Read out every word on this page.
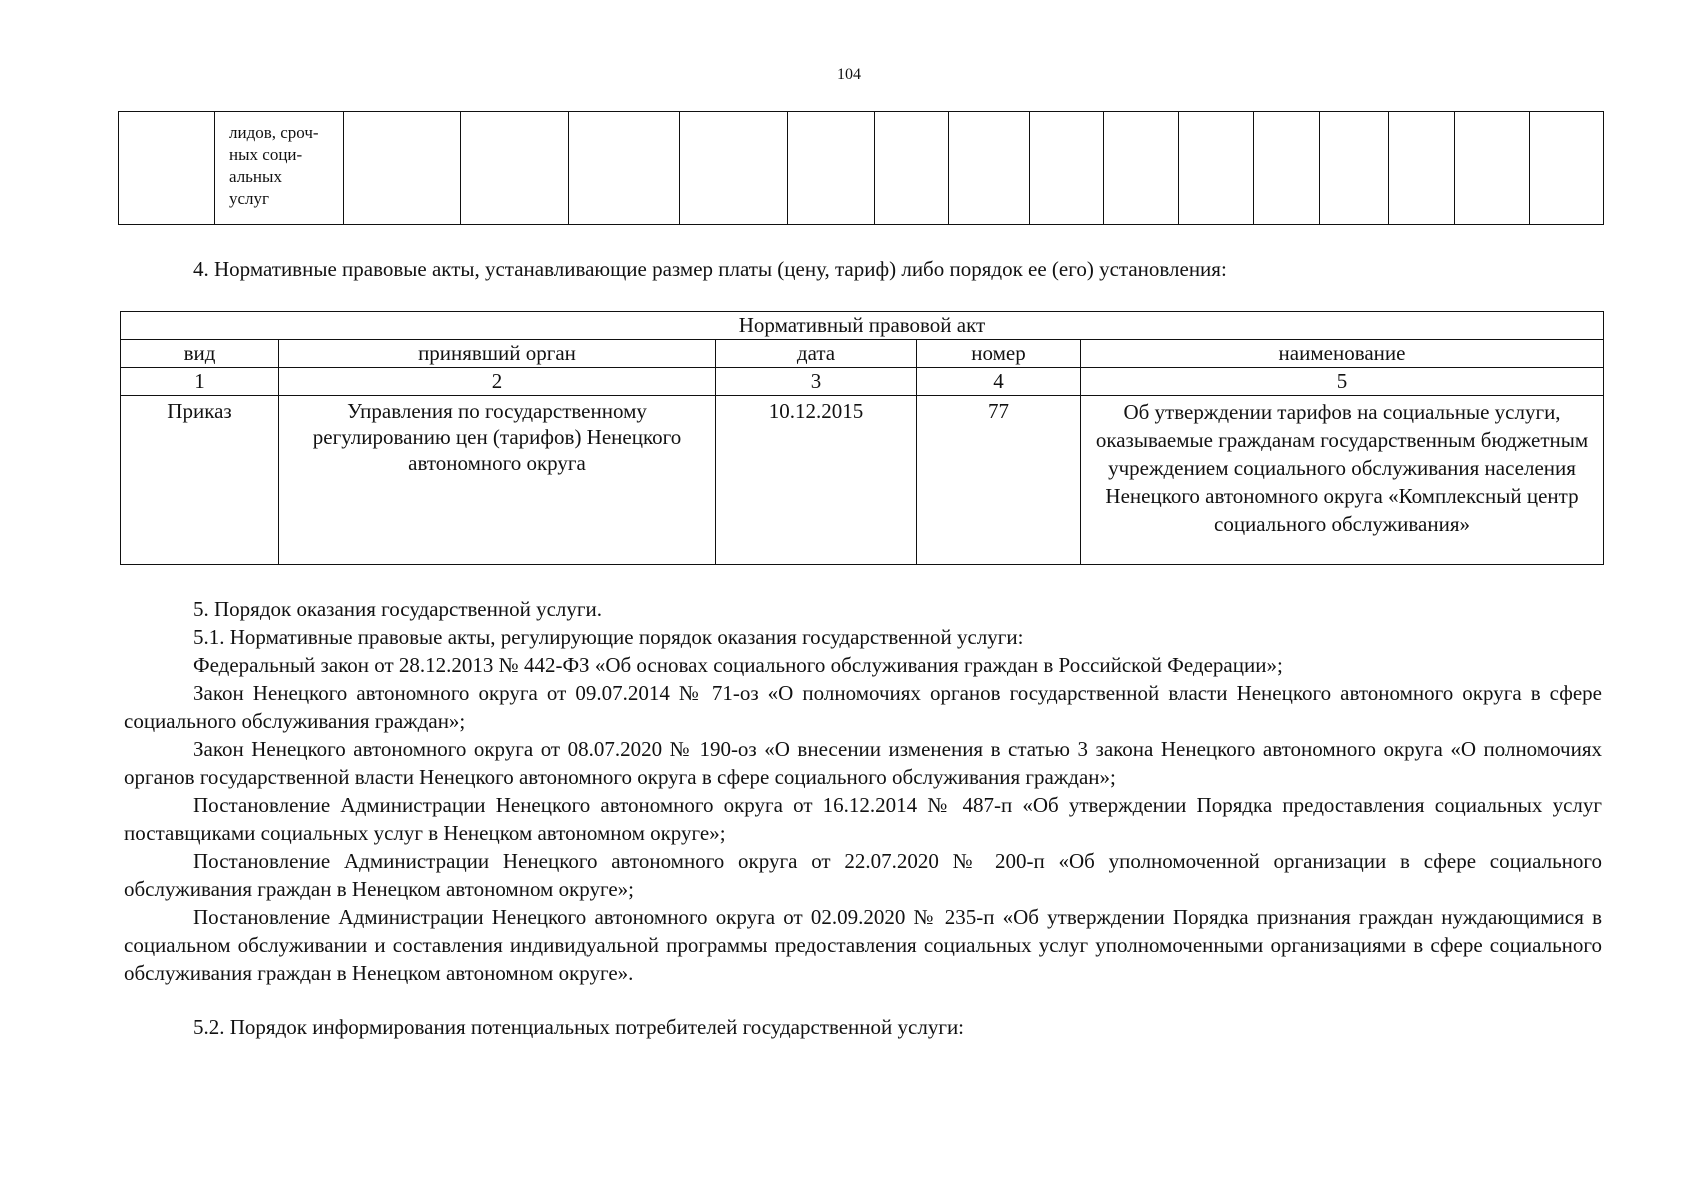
104

лидов, сроч-
ных соци-
альных
услуг

4. Нормативные правовые акты, устанавливающие размер платы (цену, тариф) либо порядок ее (его) установления:
Нормативный правовой акт				
вид	принявший орган	дата	номер	наименование
1	2	3	4	5
Приказ	Управления по государственному регулированию цен (тарифов) Ненецкого автономного округа	10.12.2015	77	Об утверждении тарифов на социальные услуги, оказываемые гражданам государственным бюджетным учреждением социального обслуживания населения Ненецкого автономного округа «Комплексный центр социального обслуживания»

5. Порядок оказания государственной услуги.

5.1. Нормативные правовые акты, регулирующие порядок оказания государственной услуги:

Федеральный закон от 28.12.2013 № 442-ФЗ «Об основах социального обслуживания граждан в Российской Федерации»;

Закон Ненецкого автономного округа от 09.07.2014 № 71-оз «О полномочиях органов государственной власти Ненецкого автономного округа в сфере социального обслуживания граждан»;

Закон Ненецкого автономного округа от 08.07.2020 № 190-оз «О внесении изменения в статью 3 закона Ненецкого автономного округа «О полномочиях органов государственной власти Ненецкого автономного округа в сфере социального обслуживания граждан»;

Постановление Администрации Ненецкого автономного округа от 16.12.2014 № 487-п «Об утверждении Порядка предоставления социальных услуг поставщиками социальных услуг в Ненецком автономном округе»;

Постановление Администрации Ненецкого автономного округа от 22.07.2020 № 200-п «Об уполномоченной организации в сфере социального обслуживания граждан в Ненецком автономном округе»;

Постановление Администрации Ненецкого автономного округа от 02.09.2020 № 235-п «Об утверждении Порядка признания граждан нуждающимися в социальном обслуживании и составления индивидуальной программы предоставления социальных услуг уполномоченными организациями в сфере социального обслуживания граждан в Ненецком автономном округе».

5.2. Порядок информирования потенциальных потребителей государственной услуги:
